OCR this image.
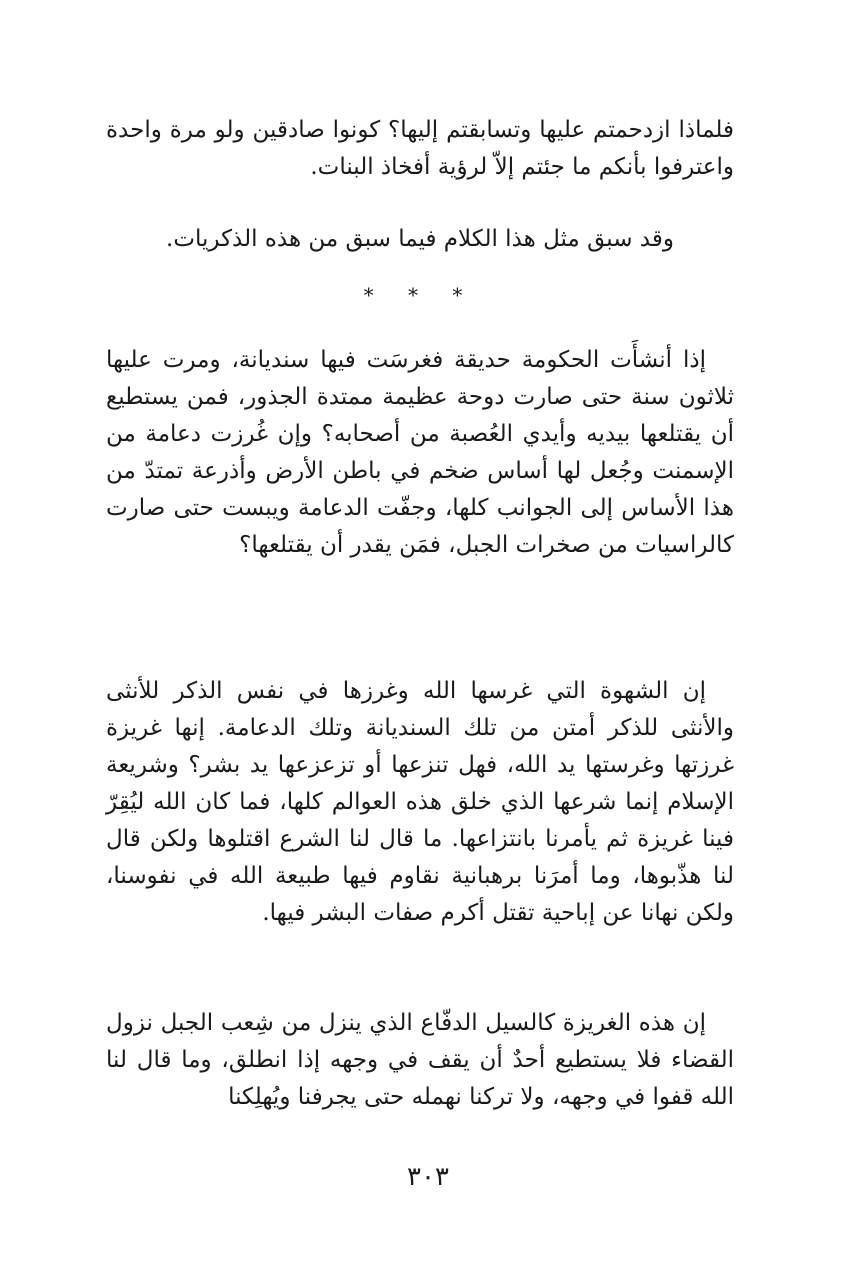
فلماذا ازدحمتم عليها وتسابقتم إليها؟ كونوا صادقين ولو مرة واحدة واعترفوا بأنكم ما جئتم إلاّ لرؤية أفخاذ البنات.

وقد سبق مثل هذا الكلام فيما سبق من هذه الذكريات.

* * *

إذا أنشأَت الحكومة حديقة فغرسَت فيها سنديانة، ومرت عليها ثلاثون سنة حتى صارت دوحة عظيمة ممتدة الجذور، فمن يستطيع أن يقتلعها بيديه وأيدي العُصبة من أصحابه؟ وإن غُرزت دعامة من الإسمنت وجُعل لها أساس ضخم في باطن الأرض وأذرعة تمتدّ من هذا الأساس إلى الجوانب كلها، وجفّت الدعامة ويبست حتى صارت كالراسيات من صخرات الجبل، فمَن يقدر أن يقتلعها؟

إن الشهوة التي غرسها الله وغرزها في نفس الذكر للأنثى والأنثى للذكر أمتن من تلك السنديانة وتلك الدعامة. إنها غريزة غرزتها وغرستها يد الله، فهل تنزعها أو تزعزعها يد بشر؟ وشريعة الإسلام إنما شرعها الذي خلق هذه العوالم كلها، فما كان الله ليُقِرّ فينا غريزة ثم يأمرنا بانتزاعها. ما قال لنا الشرع اقتلوها ولكن قال لنا هذّبوها، وما أمرَنا برهبانية نقاوم فيها طبيعة الله في نفوسنا، ولكن نهانا عن إباحية تقتل أكرم صفات البشر فيها.

إن هذه الغريزة كالسيل الدفّاع الذي ينزل من شِعب الجبل نزول القضاء فلا يستطيع أحدٌ أن يقف في وجهه إذا انطلق، وما قال لنا الله قفوا في وجهه، ولا تركنا نهمله حتى يجرفنا ويُهلِكنا

٣٠٣
